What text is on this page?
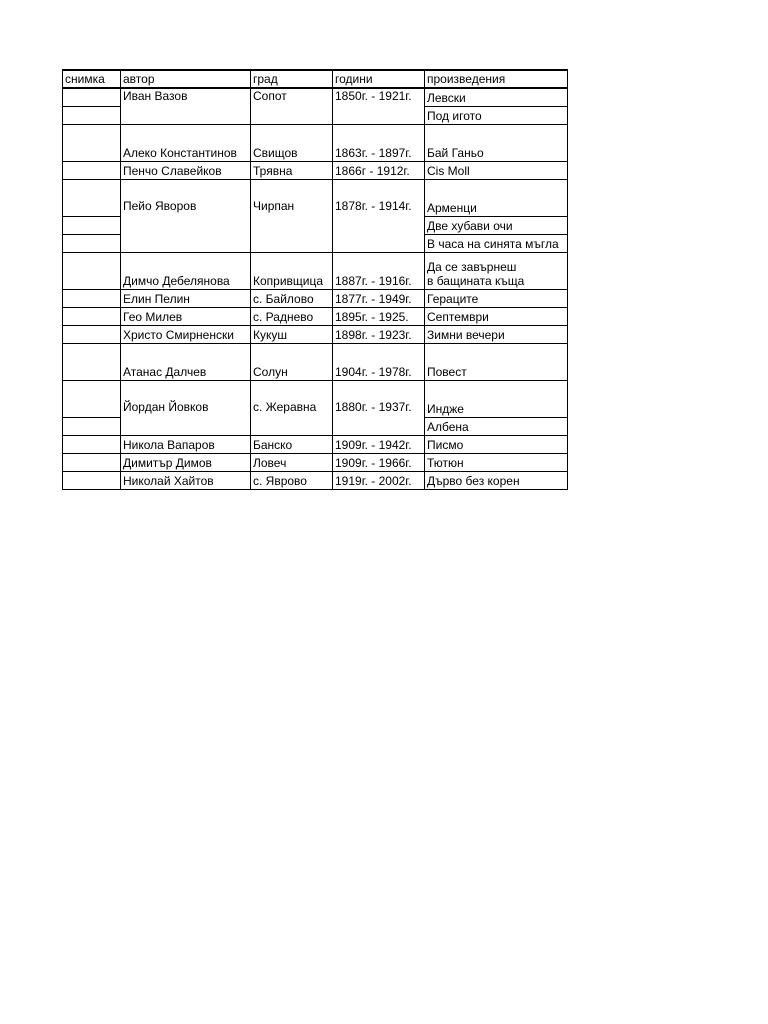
снимка	автор	град	години	произведения
	Иван Вазов	Сопот	1850г. - 1921г.	Левски
				Под игото
	Алеко Константинов	Свищов	1863г. - 1897г.	Бай Ганьо
	Пенчо Славейков	Трявна	1866г - 1912г.	Cis Moll
	Пейо Яворов	Чирпан	1878г. - 1914г.	Арменци
				Две хубави очи
				В часа на синята мъгла
	Димчо Дебелянова	Копривщица	1887г. - 1916г.	Да се завърнеш
в бащината къща

	Елин Пелин	с. Байлово	1877г. - 1949г.	Гераците
	Гео Милев	с. Раднево	1895г. - 1925.	Септември
	Христо Смирненски	Кукуш	1898г. - 1923г.	Зимни вечери
	Атанас Далчев	Солун	1904г. - 1978г.	Повест
	Йордан Йовков	с. Жеравна	1880г. - 1937г.	Индже
				Албена
	Никола Вапаров	Банско	1909г. - 1942г.	Писмо
	Димитър Димов	Ловеч	1909г. - 1966г.	Тютюн
	Николай Хайтов	с. Яврово	1919г. - 2002г.	Дърво без корен
